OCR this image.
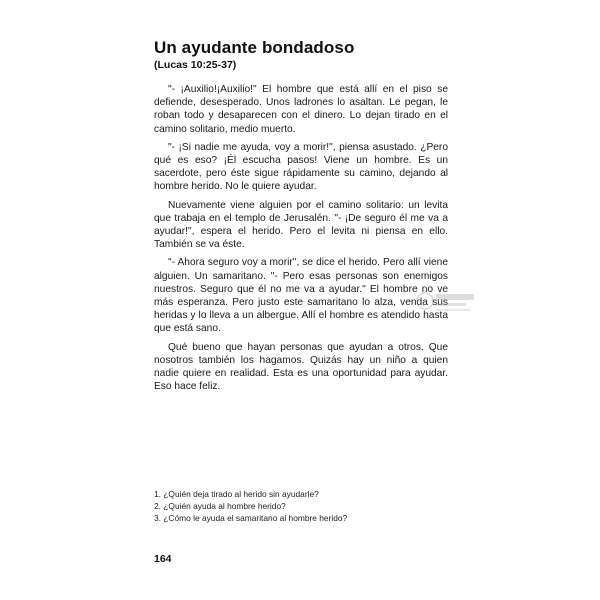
Un ayudante bondadoso
(Lucas 10:25-37)

"- ¡Auxilio!¡Auxilio!" El hombre que está allí en el piso se defiende, desesperado. Unos ladrones lo asaltan. Le pegan, le roban todo y desaparecen con el dinero. Lo dejan tirado en el camino solitario, medio muerto.

"- ¡Si nadie me ayuda, voy a morir!", piensa asustado. ¿Pero qué es eso? ¡Él escucha pasos! Viene un hombre. Es un sacerdote, pero éste sigue rápidamente su camino, dejando al hombre herido. No le quiere ayudar.

Nuevamente viene alguien por el camino solitario: un levita que trabaja en el templo de Jerusalén. "- ¡De seguro él me va a ayudar!", espera el herido. Pero el levita ni piensa en ello. También se va éste.

"- Ahora seguro voy a morir", se dice el herido. Pero allí viene alguien. Un samaritano. "- Pero esas personas son enemigos nuestros. Seguro que él no me va a ayudar." El hombre no ve más esperanza. Pero justo este samaritano lo alza, venda sus heridas y lo lleva a un albergue. Allí el hombre es atendido hasta que está sano.

Qué bueno que hayan personas que ayudan a otros. Que nosotros también los hagamos. Quizás hay un niño a quien nadie quiere en realidad. Esta es una oportunidad para ayudar. Eso hace feliz.

1. ¿Quién deja tirado al herido sin ayudarle?
2. ¿Quién ayuda al hombre herido?
3. ¿Cómo le ayuda el samaritano al hombre herido?
164
